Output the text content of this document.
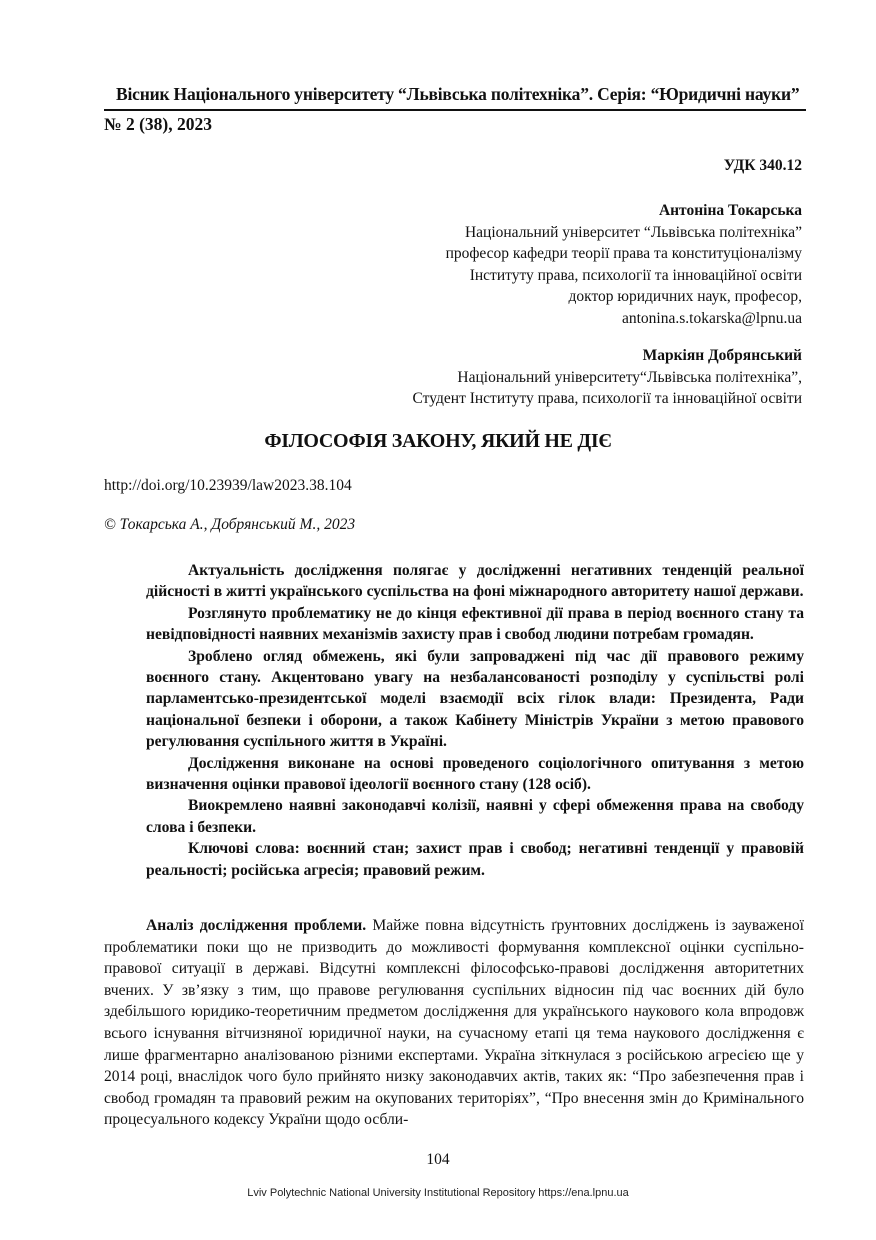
Вісник Національного університету “Львівська політехніка”. Серія: “Юридичні науки”
№ 2 (38), 2023
УДК 340.12
Антоніна Токарська
Національний університет “Львівська політехніка”
професор кафедри теорії права та конституціоналізму
Інституту права, психології та інноваційної освіти
доктор юридичних наук, професор,
antonina.s.tokarska@lpnu.ua
Маркіян Добрянський
Національний університету“Львівська політехніка”,
Студент Інституту права, психології та інноваційної освіти
ФІЛОСОФІЯ ЗАКОНУ, ЯКИЙ НЕ ДІЄ
http://doi.org/10.23939/law2023.38.104
© Токарська А., Добрянський М., 2023

Актуальність дослідження полягає у дослідженні негативних тенденцій реальної дійсності в житті українського суспільства на фоні міжнародного авторитету нашої держави.

Розглянуто проблематику не до кінця ефективної дії права в період воєнного стану та невідповідності наявних механізмів захисту прав і свобод людини потребам громадян.

Зроблено огляд обмежень, які були запроваджені під час дії правового режиму воєнного стану. Акцентовано увагу на незбалансованості розподілу у суспільстві ролі парламентсько-президентської моделі взаємодії всіх гілок влади: Президента, Ради національної безпеки і оборони, а також Кабінету Міністрів України з метою правового регулювання суспільного життя в Україні.

Дослідження виконане на основі проведеного соціологічного опитування з метою визначення оцінки правової ідеології воєнного стану (128 осіб).

Виокремлено наявні законодавчі колізії, наявні у сфері обмеження права на свободу слова і безпеки.

Ключові слова: воєнний стан; захист прав і свобод; негативні тенденції у правовій реальності; російська агресія; правовий режим.

Аналіз дослідження проблеми. Майже повна відсутність ґрунтовних досліджень із зауваженої проблематики поки що не призводить до можливості формування комплексної оцінки суспільно-правової ситуації в державі. Відсутні комплексні філософсько-правові дослідження авторитетних вчених. У зв’язку з тим, що правове регулювання суспільних відносин під час воєнних дій було здебільшого юридико-теоретичним предметом дослідження для українського наукового кола впродовж всього існування вітчизняної юридичної науки, на сучасному етапі ця тема наукового дослідження є лише фрагментарно аналізованою різними експертами. Україна зіткнулася з російською агресією ще у 2014 році, внаслідок чого було прийнято низку законодавчих актів, таких як: “Про забезпечення прав і свобод громадян та правовий режим на окупованих територіях”, “Про внесення змін до Кримінального процесуального кодексу України щодо осбли-

104
Lviv Polytechnic National University Institutional Repository https://ena.lpnu.ua
